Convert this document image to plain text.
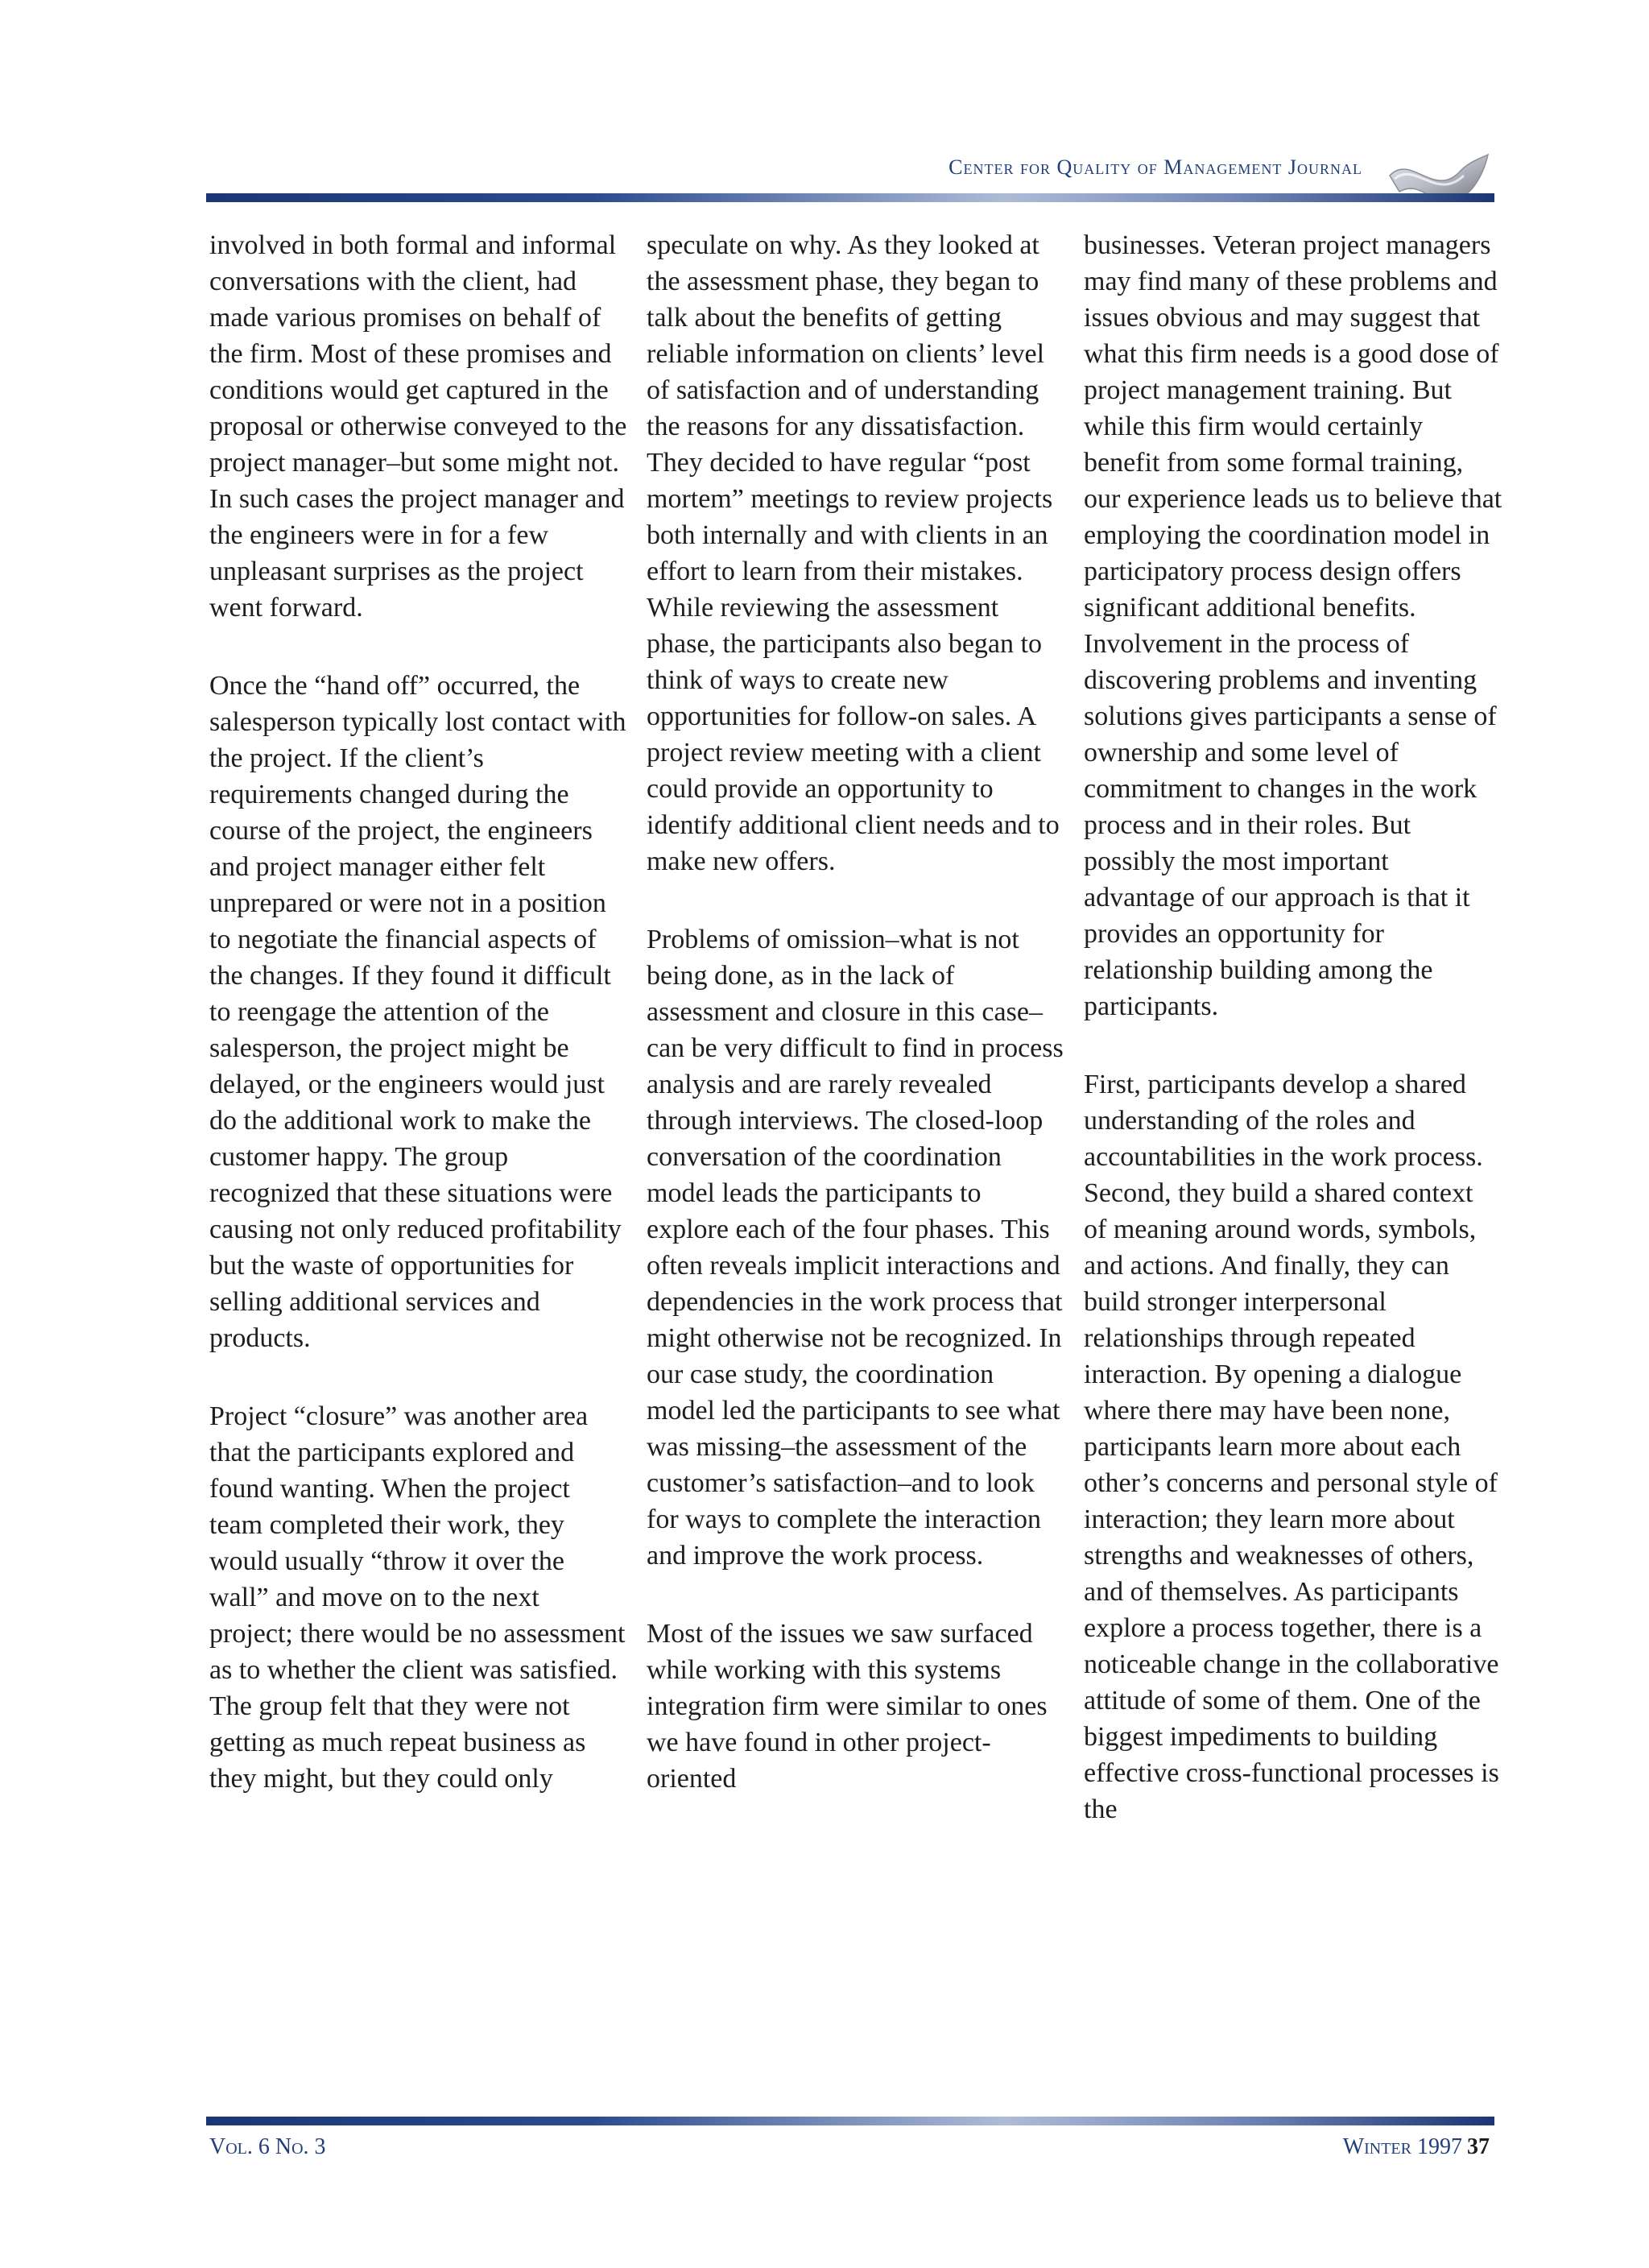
Center for Quality of Management Journal

involved in both formal and informal conversations with the client, had made various promises on behalf of the firm. Most of these promises and conditions would get captured in the proposal or otherwise conveyed to the project manager–but some might not. In such cases the project manager and the engineers were in for a few unpleasant surprises as the project went forward.

Once the “hand off” occurred, the salesperson typically lost contact with the project. If the client’s requirements changed during the course of the project, the engineers and project manager either felt unprepared or were not in a position to negotiate the financial aspects of the changes. If they found it difficult to reengage the attention of the salesperson, the project might be delayed, or the engineers would just do the additional work to make the customer happy. The group recognized that these situations were causing not only reduced profitability but the waste of opportunities for selling additional services and products.

Project “closure” was another area that the participants explored and found wanting. When the project team completed their work, they would usually “throw it over the wall” and move on to the next project; there would be no assessment as to whether the client was satisfied. The group felt that they were not getting as much repeat business as they might, but they could only

speculate on why. As they looked at the assessment phase, they began to talk about the benefits of getting reliable information on clients’ level of satisfaction and of understanding the reasons for any dissatisfaction. They decided to have regular “post mortem” meetings to review projects both internally and with clients in an effort to learn from their mistakes. While reviewing the assessment phase, the participants also began to think of ways to create new opportunities for follow-on sales. A project review meeting with a client could provide an opportunity to identify additional client needs and to make new offers.

Problems of omission–what is not being done, as in the lack of assessment and closure in this case–can be very difficult to find in process analysis and are rarely revealed through interviews. The closed-loop conversation of the coordination model leads the participants to explore each of the four phases. This often reveals implicit interactions and dependencies in the work process that might otherwise not be recognized. In our case study, the coordination model led the participants to see what was missing–the assessment of the customer’s satisfaction–and to look for ways to complete the interaction and improve the work process.

Most of the issues we saw surfaced while working with this systems integration firm were similar to ones we have found in other project-oriented

businesses. Veteran project managers may find many of these problems and issues obvious and may suggest that what this firm needs is a good dose of project management training. But while this firm would certainly benefit from some formal training, our experience leads us to believe that employing the coordination model in participatory process design offers significant additional benefits. Involvement in the process of discovering problems and inventing solutions gives participants a sense of ownership and some level of commitment to changes in the work process and in their roles. But possibly the most important advantage of our approach is that it provides an opportunity for relationship building among the participants.

First, participants develop a shared understanding of the roles and accountabilities in the work process. Second, they build a shared context of meaning around words, symbols, and actions. And finally, they can build stronger interpersonal relationships through repeated interaction. By opening a dialogue where there may have been none, participants learn more about each other’s concerns and personal style of interaction; they learn more about strengths and weaknesses of others, and of themselves. As participants explore a process together, there is a noticeable change in the collaborative attitude of some of them. One of the biggest impediments to building effective cross-functional processes is the

Vol. 6 No. 3	Winter 1997 37
